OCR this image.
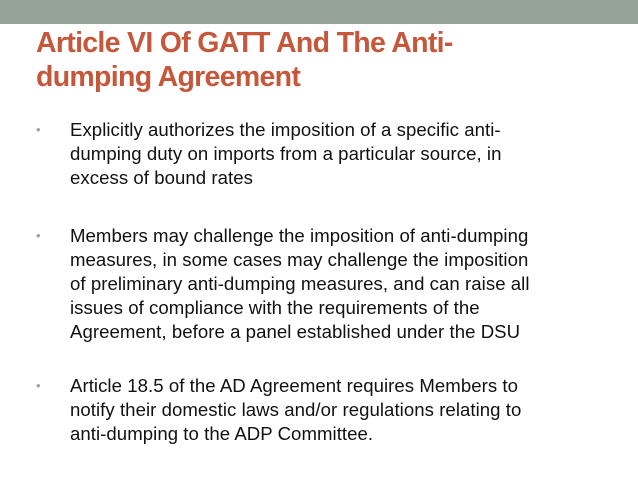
Article VI Of GATT And The Anti-
dumping Agreement
• Explicitly authorizes the imposition of a specific anti-
dumping duty on imports from a particular source, in
excess of bound rates
• Members may challenge the imposition of anti-dumping
measures, in some cases may challenge the imposition
of preliminary anti-dumping measures, and can raise all
issues of compliance with the requirements of the
Agreement, before a panel established under the DSU
• Article 18.5 of the AD Agreement requires Members to
notify their domestic laws and/or regulations relating to
anti-dumping to the ADP Committee.
